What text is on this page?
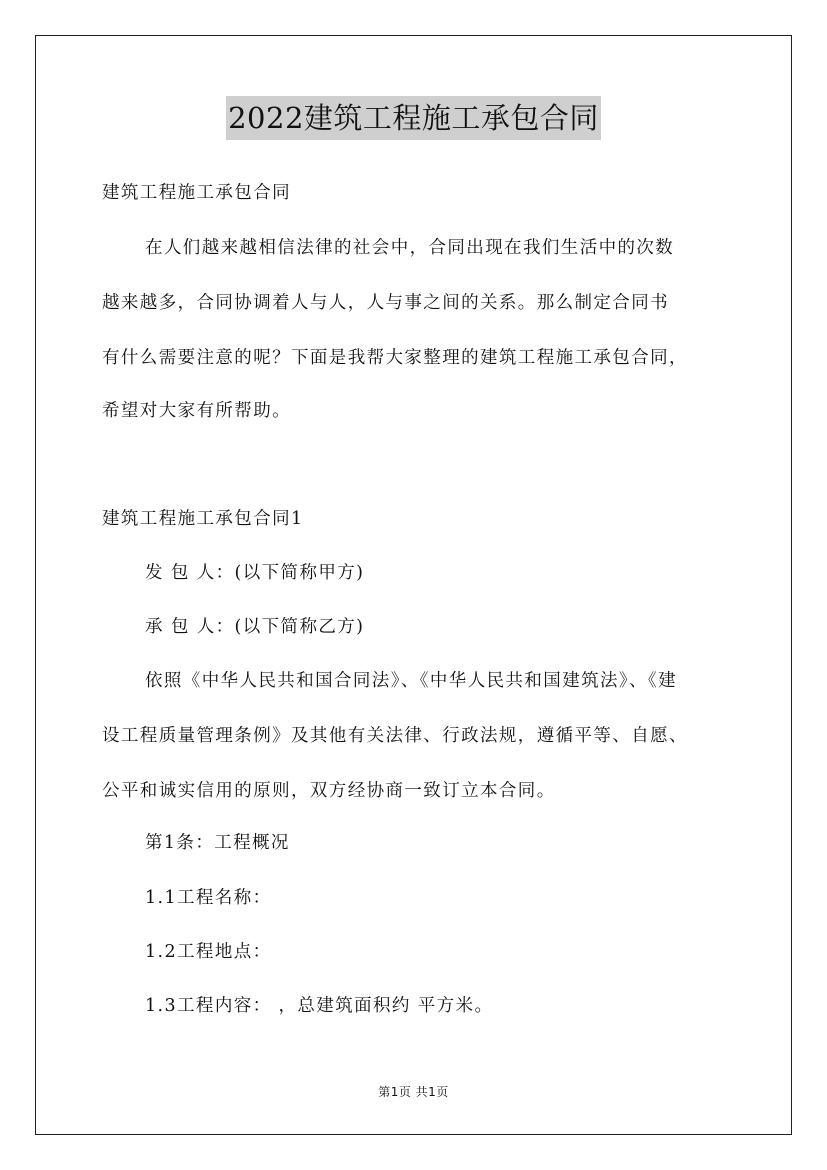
2022建筑工程施工承包合同
建筑工程施工承包合同
在人们越来越相信法律的社会中，合同出现在我们生活中的次数
越来越多，合同协调着人与人，人与事之间的关系。那么制定合同书
有什么需要注意的呢？下面是我帮大家整理的建筑工程施工承包合同，
希望对大家有所帮助。
建筑工程施工承包合同1
发 包 人：(以下简称甲方)
承 包 人：(以下简称乙方)
依照《中华人民共和国合同法》、《中华人民共和国建筑法》、《建
设工程质量管理条例》及其他有关法律、行政法规，遵循平等、自愿、
公平和诚实信用的原则，双方经协商一致订立本合同。
第1条：工程概况
1.1工程名称：
1.2工程地点：
1.3工程内容： ，总建筑面积约 平方米。
第1页 共1页
